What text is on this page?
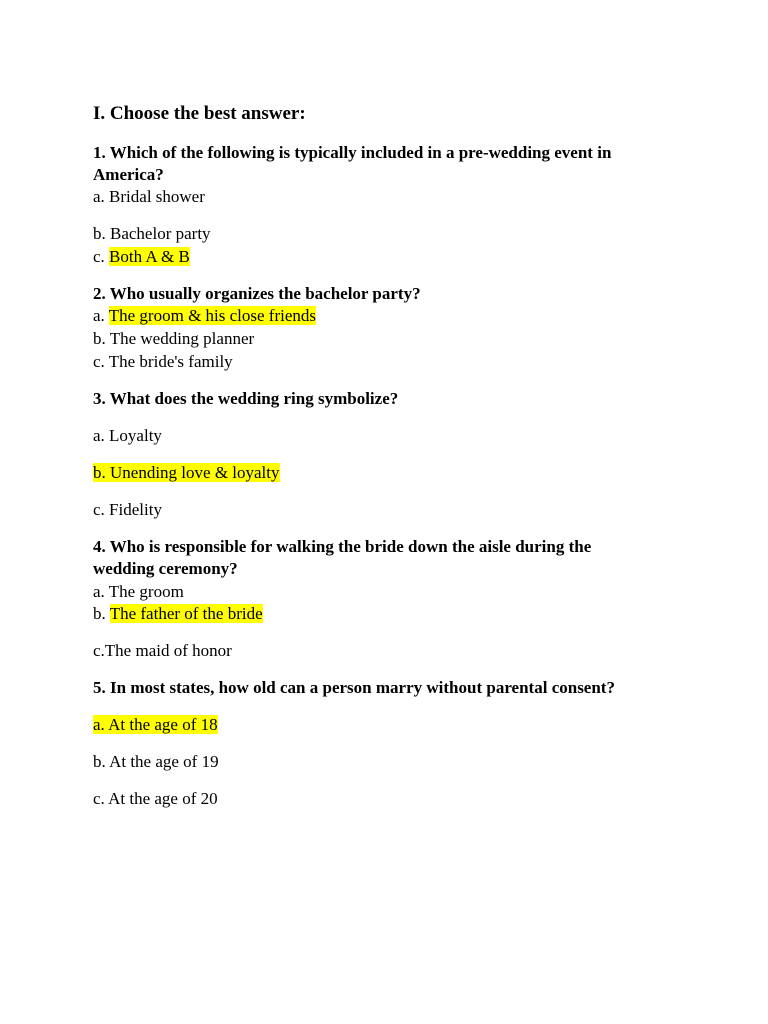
I. Choose the best answer:
1. Which of the following is typically included in a pre-wedding event in
America?
a. Bridal shower
b. Bachelor party
c. Both A & B
2. Who usually organizes the bachelor party?
a. The groom & his close friends
b. The wedding planner
c. The bride's family
3. What does the wedding ring symbolize?
a. Loyalty
b. Unending love & loyalty
c. Fidelity
4. Who is responsible for walking the bride down the aisle during the
wedding ceremony?
a. The groom
b. The father of the bride
c.The maid of honor
5. In most states, how old can a person marry without parental consent?
a. At the age of 18
b. At the age of 19
c. At the age of 20
